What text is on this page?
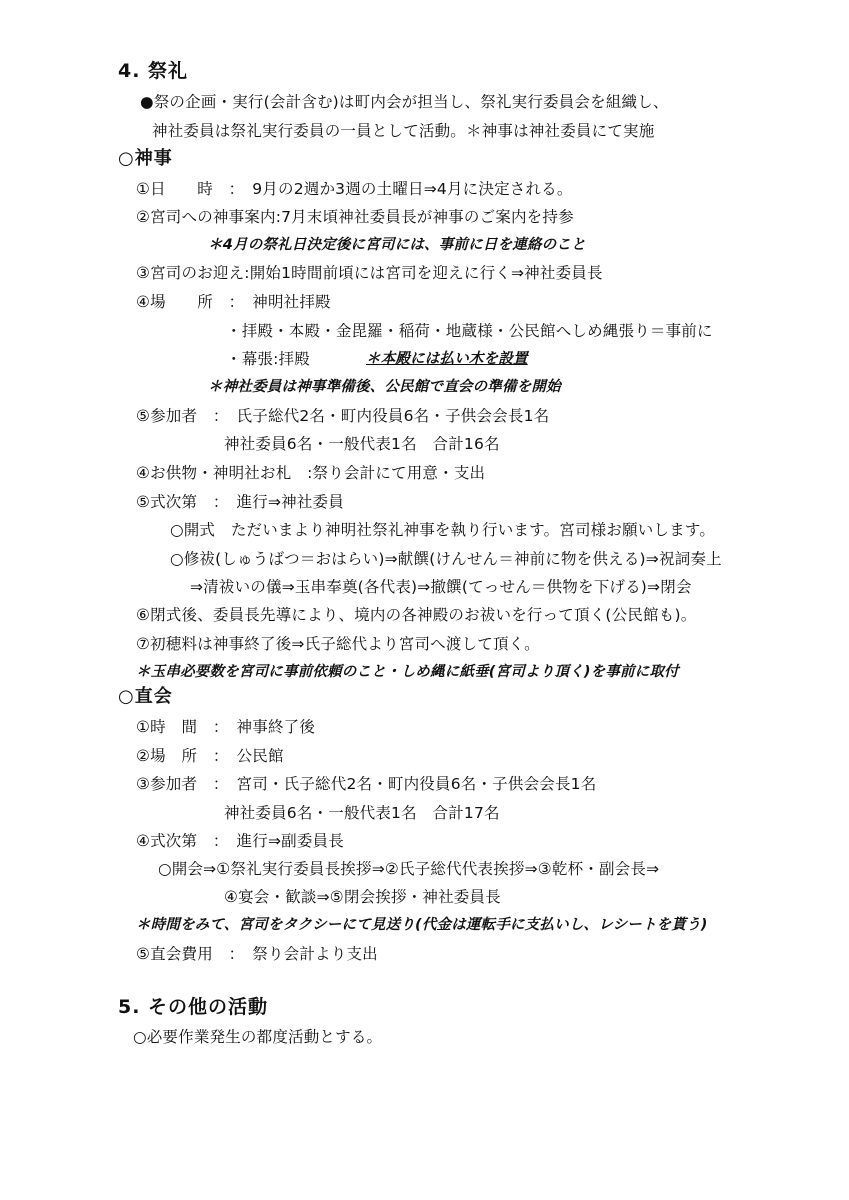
4. 祭礼
●祭の企画・実行(会計含む)は町内会が担当し、祭礼実行委員会を組織し、
神社委員は祭礼実行委員の一員として活動。＊神事は神社委員にて実施
○神事
①日　　時　：　9月の2週か3週の土曜日⇒4月に決定される。
②宮司への神事案内:7月末頃神社委員長が神事のご案内を持参
＊4月の祭礼日決定後に宮司には、事前に日を連絡のこと
③宮司のお迎え:開始1時間前頃には宮司を迎えに行く⇒神社委員長
④場　　所　：　神明社拝殿
・拝殿・本殿・金毘羅・稲荷・地蔵様・公民館へしめ縄張り＝事前に
・幕張:拝殿	＊本殿には払い木を設置
＊神社委員は神事準備後、公民館で直会の準備を開始
⑤参加者　：　氏子総代2名・町内役員6名・子供会会長1名
神社委員6名・一般代表1名　合計16名
④お供物・神明社お札　:祭り会計にて用意・支出
⑤式次第　：　進行⇒神社委員
○開式　ただいまより神明社祭礼神事を執り行います。宮司様お願いします。
○修祓(しゅうばつ＝おはらい)⇒献饌(けんせん＝神前に物を供える)⇒祝詞奏上
⇒清祓いの儀⇒玉串奉奠(各代表)⇒撤饌(てっせん＝供物を下げる)⇒閉会
⑥閉式後、委員長先導により、境内の各神殿のお祓いを行って頂く(公民館も)。
⑦初穂料は神事終了後⇒氏子総代より宮司へ渡して頂く。
＊玉串必要数を宮司に事前依頼のこと・しめ縄に紙垂(宮司より頂く)を事前に取付
○直会
①時　間　：　神事終了後
②場　所　：　公民館
③参加者　：　宮司・氏子総代2名・町内役員6名・子供会会長1名
神社委員6名・一般代表1名　合計17名
④式次第　：　進行⇒副委員長
○開会⇒①祭礼実行委員長挨拶⇒②氏子総代代表挨拶⇒③乾杯・副会長⇒
④宴会・歓談⇒⑤閉会挨拶・神社委員長
＊時間をみて、宮司をタクシーにて見送り(代金は運転手に支払いし、レシートを貰う)
⑤直会費用　：　祭り会計より支出
5. その他の活動
○必要作業発生の都度活動とする。
